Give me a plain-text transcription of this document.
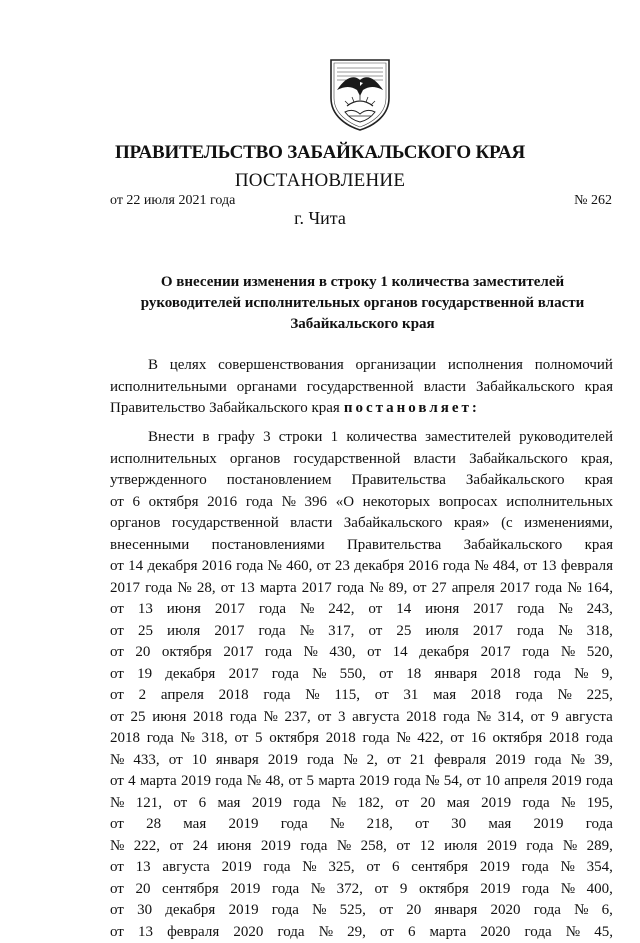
ПРАВИТЕЛЬСТВО ЗАБАЙКАЛЬСКОГО КРАЯ
ПОСТАНОВЛЕНИЕ
от 22 июля 2021 года	№ 262
г. Чита
О внесении изменения в строку 1 количества заместителей
руководителей исполнительных органов государственной власти
Забайкальского края
В целях совершенствования организации исполнения полномочий
исполнительными органами государственной власти Забайкальского края
Правительство Забайкальского края постановляет:
Внести в графу 3 строки 1 количества заместителей руководителей
исполнительных органов государственной власти Забайкальского края,
утвержденного постановлением Правительства Забайкальского края
от 6 октября 2016 года № 396 «О некоторых вопросах исполнительных
органов государственной власти Забайкальского края» (с изменениями,
внесенными постановлениями Правительства Забайкальского края
от 14 декабря 2016 года № 460, от 23 декабря 2016 года № 484, от 13 февраля
2017 года № 28, от 13 марта 2017 года № 89, от 27 апреля 2017 года № 164,
от 13 июня 2017 года № 242, от 14 июня 2017 года № 243,
от 25 июля 2017 года № 317, от 25 июля 2017 года № 318,
от 20 октября 2017 года № 430, от 14 декабря 2017 года № 520,
от 19 декабря 2017 года № 550, от 18 января 2018 года № 9,
от 2 апреля 2018 года № 115, от 31 мая 2018 года № 225,
от 25 июня 2018 года № 237, от 3 августа 2018 года № 314, от 9 августа
2018 года № 318, от 5 октября 2018 года № 422, от 16 октября 2018 года
№ 433, от 10 января 2019 года № 2, от 21 февраля 2019 года № 39,
от 4 марта 2019 года № 48, от 5 марта 2019 года № 54, от 10 апреля 2019 года
№ 121, от 6 мая 2019 года № 182, от 20 мая 2019 года № 195,
от 28 мая 2019 года № 218, от 30 мая 2019 года
№ 222, от 24 июня 2019 года № 258, от 12 июля 2019 года № 289,
от 13 августа 2019 года № 325, от 6 сентября 2019 года № 354,
от 20 сентября 2019 года № 372, от 9 октября 2019 года № 400,
от 30 декабря 2019 года № 525, от 20 января 2020 года № 6,
от 13 февраля 2020 года № 29, от 6 марта 2020 года № 45,
